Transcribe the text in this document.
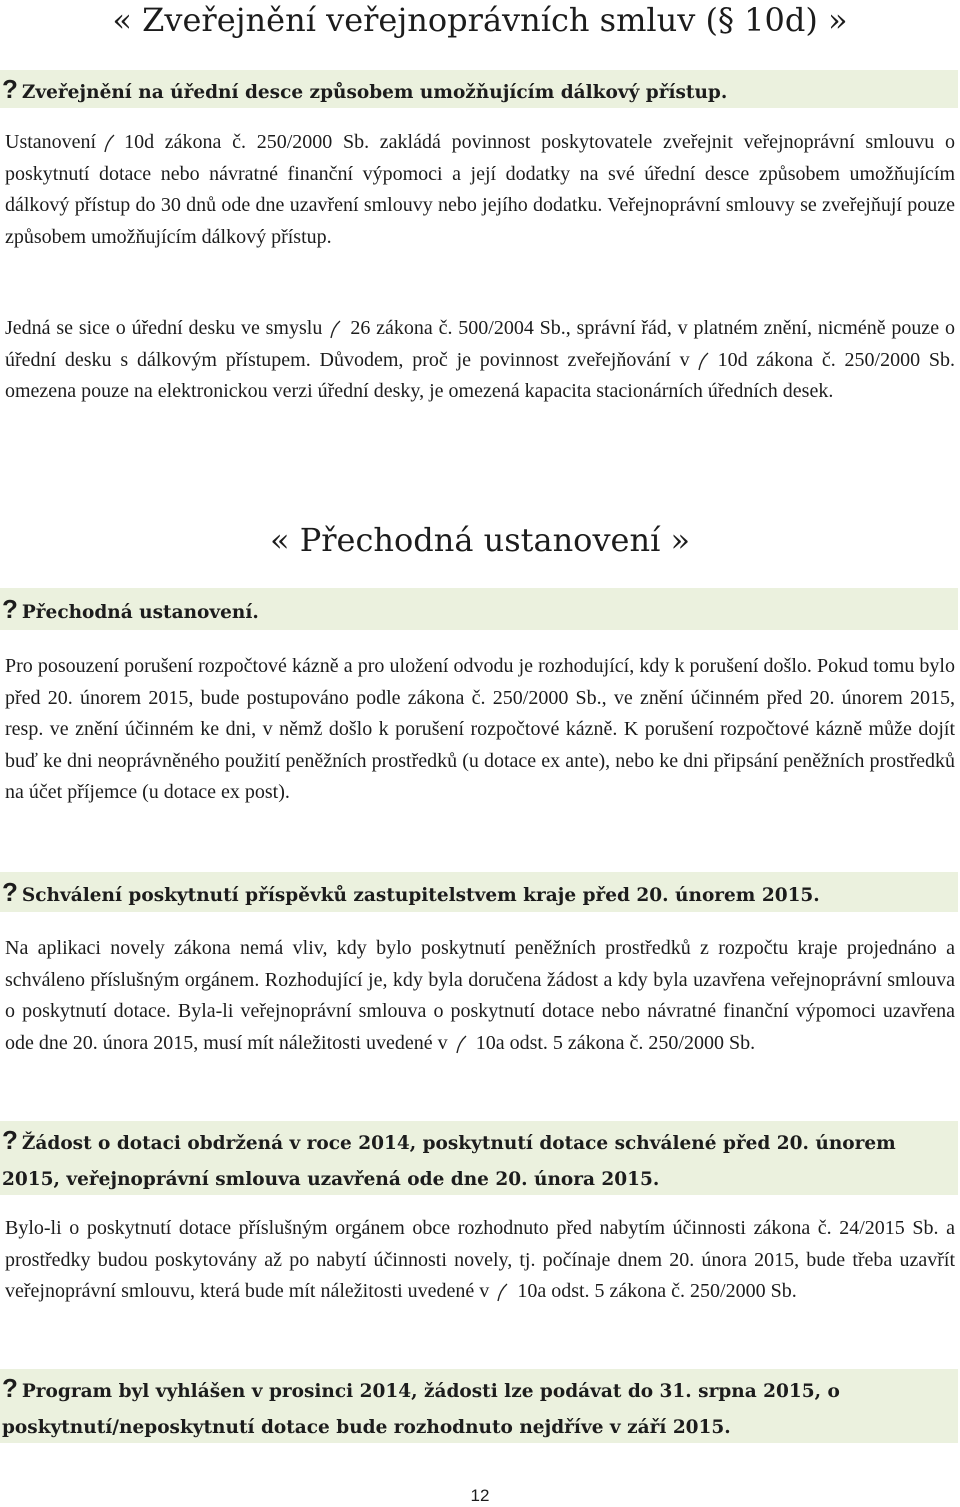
« Zveřejnění veřejnoprávních smluv (§ 10d) »
? Zveřejnění na úřední desce způsobem umožňujícím dálkový přístup.
Ustanovení 10d zákona č. 250/2000 Sb. zakládá povinnost poskytovatele zveřejnit veřejnoprávní smlouvu o poskytnutí dotace nebo návratné finanční výpomoci a její dodatky na své úřední desce způsobem umožňujícím dálkový přístup do 30 dnů ode dne uzavření smlouvy nebo jejího dodatku. Veřejnoprávní smlouvy se zveřejňují pouze způsobem umožňujícím dálkový přístup.
Jedná se sice o úřední desku ve smyslu 26 zákona č. 500/2004 Sb., správní řád, v platném znění, nicméně pouze o úřední desku s dálkovým přístupem. Důvodem, proč je povinnost zveřejňování v 10d zákona č. 250/2000 Sb. omezena pouze na elektronickou verzi úřední desky, je omezená kapacita stacionárních úředních desek.
« Přechodná ustanovení »
? Přechodná ustanovení.
Pro posouzení porušení rozpočtové kázně a pro uložení odvodu je rozhodující, kdy k porušení došlo. Pokud tomu bylo před 20. únorem 2015, bude postupováno podle zákona č. 250/2000 Sb., ve znění účinném před 20. únorem 2015, resp. ve znění účinném ke dni, v němž došlo k porušení rozpočtové kázně. K porušení rozpočtové kázně může dojít buď ke dni neoprávněného použití peněžních prostředků (u dotace ex ante), nebo ke dni připsání peněžních prostředků na účet příjemce (u dotace ex post).
? Schválení poskytnutí příspěvků zastupitelstvem kraje před 20. únorem 2015.
Na aplikaci novely zákona nemá vliv, kdy bylo poskytnutí peněžních prostředků z rozpočtu kraje projednáno a schváleno příslušným orgánem. Rozhodující je, kdy byla doručena žádost a kdy byla uzavřena veřejnoprávní smlouva o poskytnutí dotace. Byla-li veřejnoprávní smlouva o poskytnutí dotace nebo návratné finanční výpomoci uzavřena ode dne 20. února 2015, musí mít náležitosti uvedené v 10a odst. 5 zákona č. 250/2000 Sb.
? Žádost o dotaci obdržená v roce 2014, poskytnutí dotace schválené před 20. únorem 2015, veřejnoprávní smlouva uzavřená ode dne 20. února 2015.
Bylo-li o poskytnutí dotace příslušným orgánem obce rozhodnuto před nabytím účinnosti zákona č. 24/2015 Sb. a prostředky budou poskytovány až po nabytí účinnosti novely, tj. počínaje dnem 20. února 2015, bude třeba uzavřít veřejnoprávní smlouvu, která bude mít náležitosti uvedené v 10a odst. 5 zákona č. 250/2000 Sb.
? Program byl vyhlášen v prosinci 2014, žádosti lze podávat do 31. srpna 2015, o poskytnutí/neposkytnutí dotace bude rozhodnuto nejdříve v září 2015.
12
